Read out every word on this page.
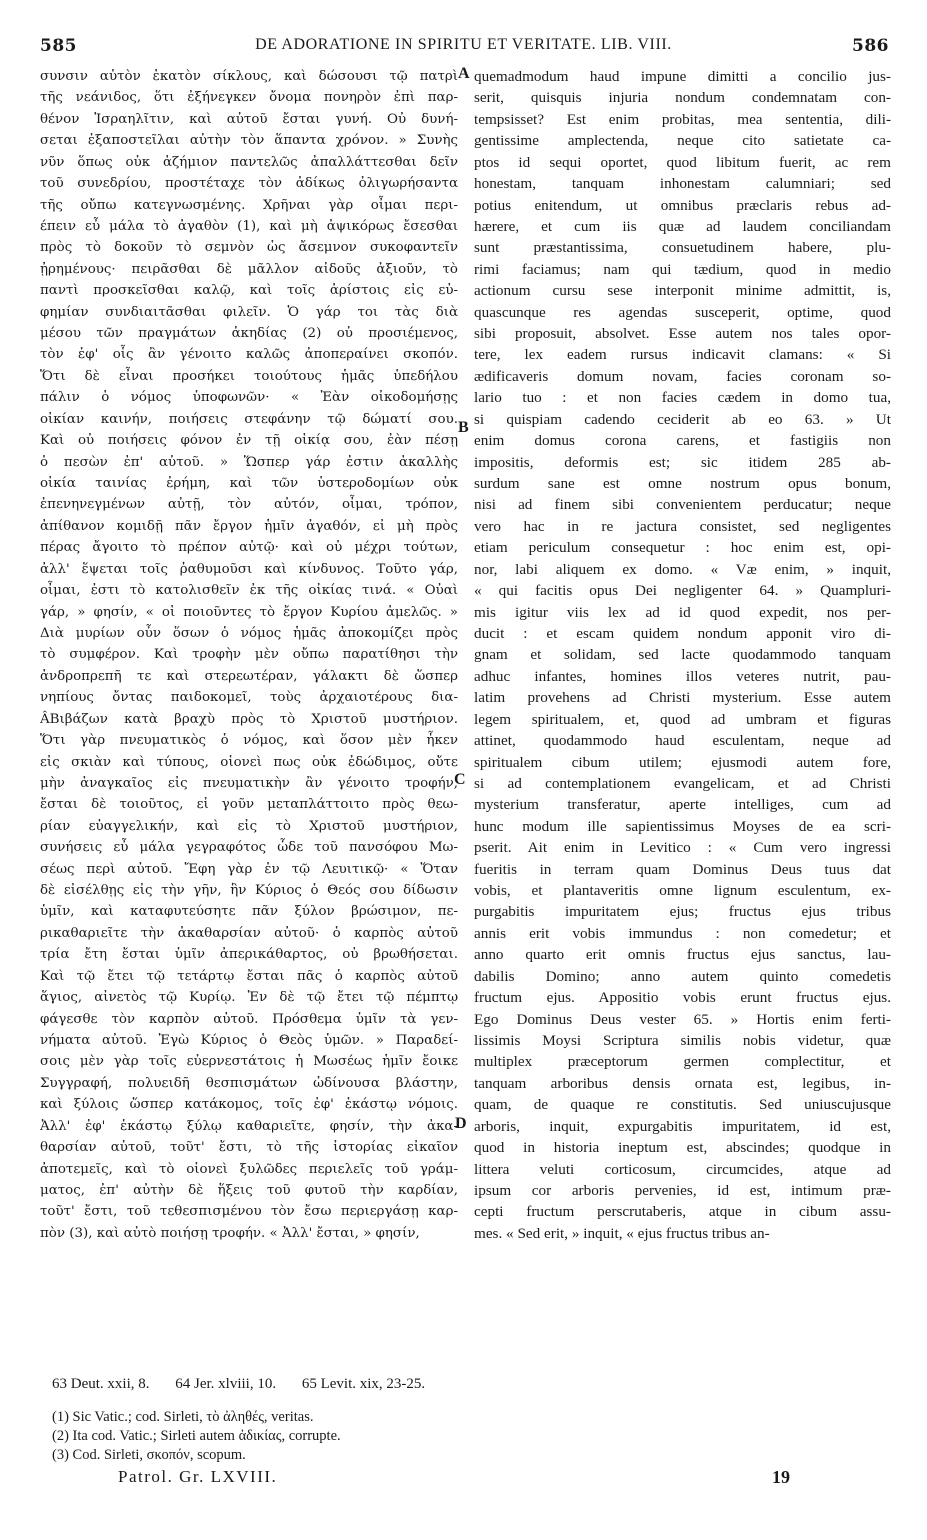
585	DE ADORATIONE IN SPIRITU ET VERITATE. LIB. VIII.	586
συνσιν αὐτὸν ἑκατὸν σίκλους, καὶ δώσουσι τῷ πατρὶ
τῆς νεάνιδος, ὅτι ἐξήνεγκεν ὄνομα πονηρὸν ἐπὶ παρ-
θένον Ἰσραηλῖτιν, καὶ αὐτοῦ ἔσται γυνή. Οὐ δυνή-
σεται ἐξαποστεῖλαι αὐτὴν τὸν ἅπαντα χρόνον. » Συνὴς
νῦν ὅπως οὐκ ἀζήμιον παντελῶς ἀπαλλάττεσθαι δεῖν
τοῦ συνεδρίου, προστέταχε τὸν ἀδίκως ὀλιγωρήσαντα
τῆς οὔπω κατεγνωσμένης. Χρῆναι γὰρ οἶμαι περι-
έπειν εὖ μάλα τὸ ἀγαθὸν (1), καὶ μὴ ἀψικόρως ἔσεσθαι
πρὸς τὸ δοκοῦν τὸ σεμνὸν ὡς ἄσεμνον συκοφαντεῖν
ᾐρημένους· πειρᾶσθαι δὲ μᾶλλον αἰδοῦς ἀξιοῦν, τὸ
παντὶ προσκεῖσθαι καλῷ, καὶ τοῖς ἀρίστοις εἰς εὐ-
φημίαν συνδιαιτᾶσθαι φιλεῖν. Ὁ γάρ τοι τὰς διὰ
μέσου τῶν πραγμάτων ἀκηδίας (2) οὐ προσιέμενος,
τὸν ἐφ' οἷς ἂν γένοιτο καλῶς ἀποπεραίνει σκοπόν.
Ὅτι δὲ εἶναι προσήκει τοιούτους ἡμᾶς ὑπεδήλου
πάλιν ὁ νόμος ὑποφωνῶν· « Ἐὰν οἰκοδομήσῃς
οἰκίαν καινήν, ποιήσεις στεφάνην τῷ δώματί σου.
Καὶ οὐ ποιήσεις φόνον ἐν τῇ οἰκίᾳ σου, ἐὰν πέσῃ
ὁ πεσὼν ἐπ' αὐτοῦ. » Ὥσπερ γάρ ἐστιν ἀκαλλὴς
οἰκία ταινίας ἐρήμη, καὶ τῶν ὑστεροδομίων οὐκ
ἐπενηνεγμένων αὐτῇ, τὸν αὐτόν, οἶμαι, τρόπον,
ἀπίθανον κομιδῇ πᾶν ἔργον ἡμῖν ἀγαθόν, εἰ μὴ πρὸς
πέρας ἄγοιτο τὸ πρέπον αὐτῷ· καὶ οὐ μέχρι τούτων,
ἀλλ' ἕψεται τοῖς ῥαθυμοῦσι καὶ κίνδυνος. Τοῦτο γάρ,
οἶμαι, ἐστι τὸ κατολισθεῖν ἐκ τῆς οἰκίας τινά. « Οὐαὶ
γάρ, » φησίν, « οἱ ποιοῦντες τὸ ἔργον Κυρίου ἀμελῶς. »
Διὰ μυρίων οὖν ὅσων ὁ νόμος ἡμᾶς ἀποκομίζει πρὸς
τὸ συμφέρον. Καὶ τροφὴν μὲν οὔπω παρατίθησι τὴν
ἀνδροπρεπῆ τε καὶ στερεωτέραν, γάλακτι δὲ ὥσπερ
νηπίους ὄντας παιδοκομεῖ, τοὺς ἀρχαιοτέρους δια-
ÂΒιβάζων κατὰ βραχὺ πρὸς τὸ Χριστοῦ μυστήριον.
Ὅτι γὰρ πνευματικὸς ὁ νόμος, καὶ ὅσον μὲν ἧκεν
εἰς σκιὰν καὶ τύπους, οἱονεὶ πως οὐκ ἐδώδιμος, οὔτε
μὴν ἀναγκαῖος εἰς πνευματικὴν ἂν γένοιτο τροφήν,
ἔσται δὲ τοιοῦτος, εἰ γοῦν μεταπλάττοιτο πρὸς θεω-
ρίαν εὐαγγελικήν, καὶ εἰς τὸ Χριστοῦ μυστήριον,
συνήσεις εὖ μάλα γεγραφότος ὧδε τοῦ πανσόφου Μω-
σέως περὶ αὐτοῦ. Ἔφη γὰρ ἐν τῷ Λευιτικῷ· « Ὅταν
δὲ εἰσέλθῃς εἰς τὴν γῆν, ἣν Κύριος ὁ Θεός σου δίδωσιν
ὑμῖν, καὶ καταφυτεύσητε πᾶν ξύλον βρώσιμον, πε-
ρικαθαριεῖτε τὴν ἀκαθαρσίαν αὐτοῦ· ὁ καρπὸς αὐτοῦ
τρία ἔτη ἔσται ὑμῖν ἀπερικάθαρτος, οὐ βρωθήσεται.
Καὶ τῷ ἔτει τῷ τετάρτῳ ἔσται πᾶς ὁ καρπὸς αὐτοῦ
ἅγιος, αἰνετὸς τῷ Κυρίῳ. Ἐν δὲ τῷ ἔτει τῷ πέμπτῳ
φάγεσθε τὸν καρπὸν αὐτοῦ. Πρόσθεμα ὑμῖν τὰ γεν-
νήματα αὐτοῦ. Ἐγὼ Κύριος ὁ Θεὸς ὑμῶν. » Παραδεί-
σοις μὲν γὰρ τοῖς εὐερνεστάτοις ἡ Μωσέως ἡμῖν ἔοικε
Συγγραφή, πολυειδῆ θεσπισμάτων ὠδίνουσα βλάστην,
καὶ ξύλοις ὥσπερ κατάκομος, τοῖς ἐφ' ἑκάστῳ νόμοις.
Ἀλλ' ἐφ' ἑκάστῳ ξύλῳ καθαριεῖτε, φησίν, τὴν ἀκα-
θαρσίαν αὐτοῦ, τοῦτ' ἔστι, τὸ τῆς ἱστορίας εἰκαῖον
ἀποτεμεῖς, καὶ τὸ οἱονεὶ ξυλῶδες περιελεῖς τοῦ γράμ-
ματος, ἐπ' αὐτὴν δὲ ἥξεις τοῦ φυτοῦ τὴν καρδίαν,
τοῦτ' ἔστι, τοῦ τεθεσπισμένου τὸν ἔσω περιεργάσῃ καρ-
πὸν (3), καὶ αὐτὸ ποιήσῃ τροφήν. « Ἀλλ' ἔσται, » φησίν,
quemadmodum haud impune dimitti a concilio jus-
serit, quisquis injuria nondum condemnatam con-
tempsisset? Est enim probitas, mea sententia, dili-
gentissime amplectenda, neque cito satietate ca-
ptos id sequi oportet, quod libitum fuerit, ac rem
honestam, tanquam inhonestam calumniari; sed
potius enitendum, ut omnibus præclaris rebus ad-
hærere, et cum iis quæ ad laudem conciliandam
sunt præstantissima, consuetudinem habere, plu-
rimi faciamus; nam qui tædium, quod in medio
actionum cursu sese interponit minime admittit, is,
quascunque res agendas susceperit, optime, quod
sibi proposuit, absolvet. Esse autem nos tales opor-
tere, lex eadem rursus indicavit clamans: « Si
ædificaveris domum novam, facies coronam so-
lario tuo : et non facies cædem in domo tua,
si quispiam cadendo ceciderit ab eo 63. » Ut
enim domus corona carens, et fastigiis non
impositis, deformis est; sic itidem 285 ab-
surdum sane est omne nostrum opus bonum,
nisi ad finem sibi convenientem perducatur; neque
vero hac in re jactura consistet, sed negligentes
etiam periculum consequetur : hoc enim est, opi-
nor, labi aliquem ex domo. « Væ enim, » inquit,
« qui facitis opus Dei negligenter 64. » Quampluri-
mis igitur viis lex ad id quod expedit, nos per-
ducit : et escam quidem nondum apponit viro di-
gnam et solidam, sed lacte quodammodo tanquam
adhuc infantes, homines illos veteres nutrit, pau-
latim provehens ad Christi mysterium. Esse autem
legem spiritualem, et, quod ad umbram et figuras
attinet, quodammodo haud esculentam, neque ad
spiritualem cibum utilem; ejusmodi autem fore,
si ad contemplationem evangelicam, et ad Christi
mysterium transferatur, aperte intelliges, cum ad
hunc modum ille sapientissimus Moyses de ea scri-
pserit. Ait enim in Levitico : « Cum vero ingressi
fueritis in terram quam Dominus Deus tuus dat
vobis, et plantaveritis omne lignum esculentum, ex-
purgabitis impuritatem ejus; fructus ejus tribus
annis erit vobis immundus : non comedetur; et
anno quarto erit omnis fructus ejus sanctus, lau-
dabilis Domino; anno autem quinto comedetis
fructum ejus. Appositio vobis erunt fructus ejus.
Ego Dominus Deus vester 65. » Hortis enim ferti-
lissimis Moysi Scriptura similis nobis videtur, quæ
multiplex præceptorum germen complectitur, et
tanquam arboribus densis ornata est, legibus, in-
quam, de quaque re constitutis. Sed uniuscujusque
arboris, inquit, expurgabitis impuritatem, id est,
quod in historia ineptum est, abscindes; quodque in
littera veluti corticosum, circumcides, atque ad
ipsum cor arboris pervenies, id est, intimum præ-
cepti fructum perscrutaberis, atque in cibum assu-
mes. « Sed erit, » inquit, « ejus fructus tribus an-
A
B
C
D
63 Deut. xxii, 8. 64 Jer. xlviii, 10. 65 Levit. xix, 23-25.
(1) Sic Vatic.; cod. Sirleti, τὸ ἀληθές, veritas.
(2) Ita cod. Vatic.; Sirleti autem ἀδικίας, corrupte.
(3) Cod. Sirleti, σκοπόν, scopum.
Patrol. Gr. LXVIII.	19
